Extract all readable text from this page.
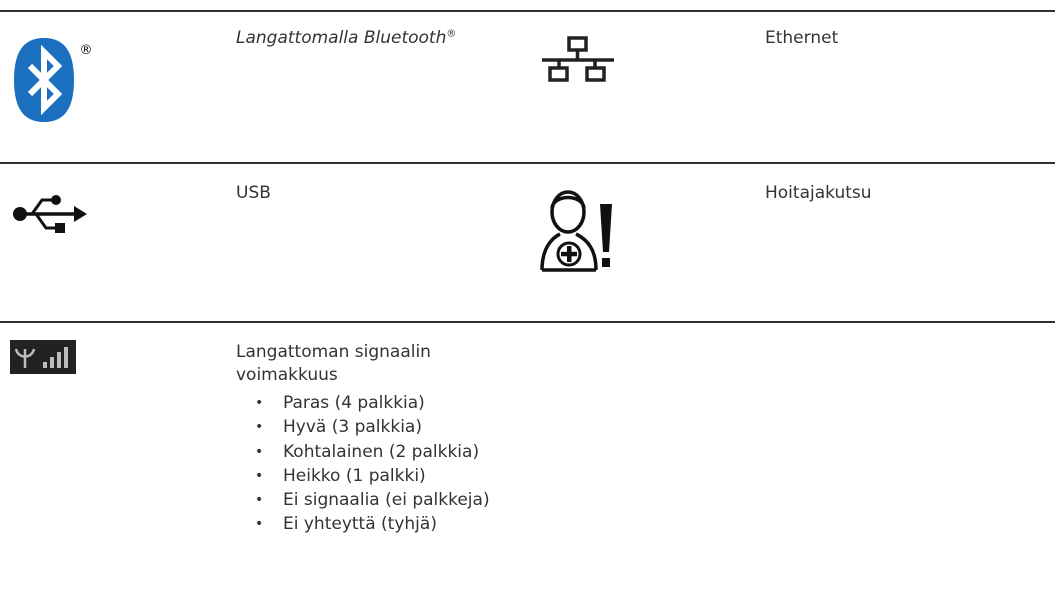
®
Langattomalla Bluetooth®	Ethernet
USB	Hoitajakutsu
Langattoman signaalin
voimakkuus
• Paras (4 palkkia)
• Hyvä (3 palkkia)
• Kohtalainen (2 palkkia)
• Heikko (1 palkki)
• Ei signaalia (ei palkkeja)
• Ei yhteyttä (tyhjä)
